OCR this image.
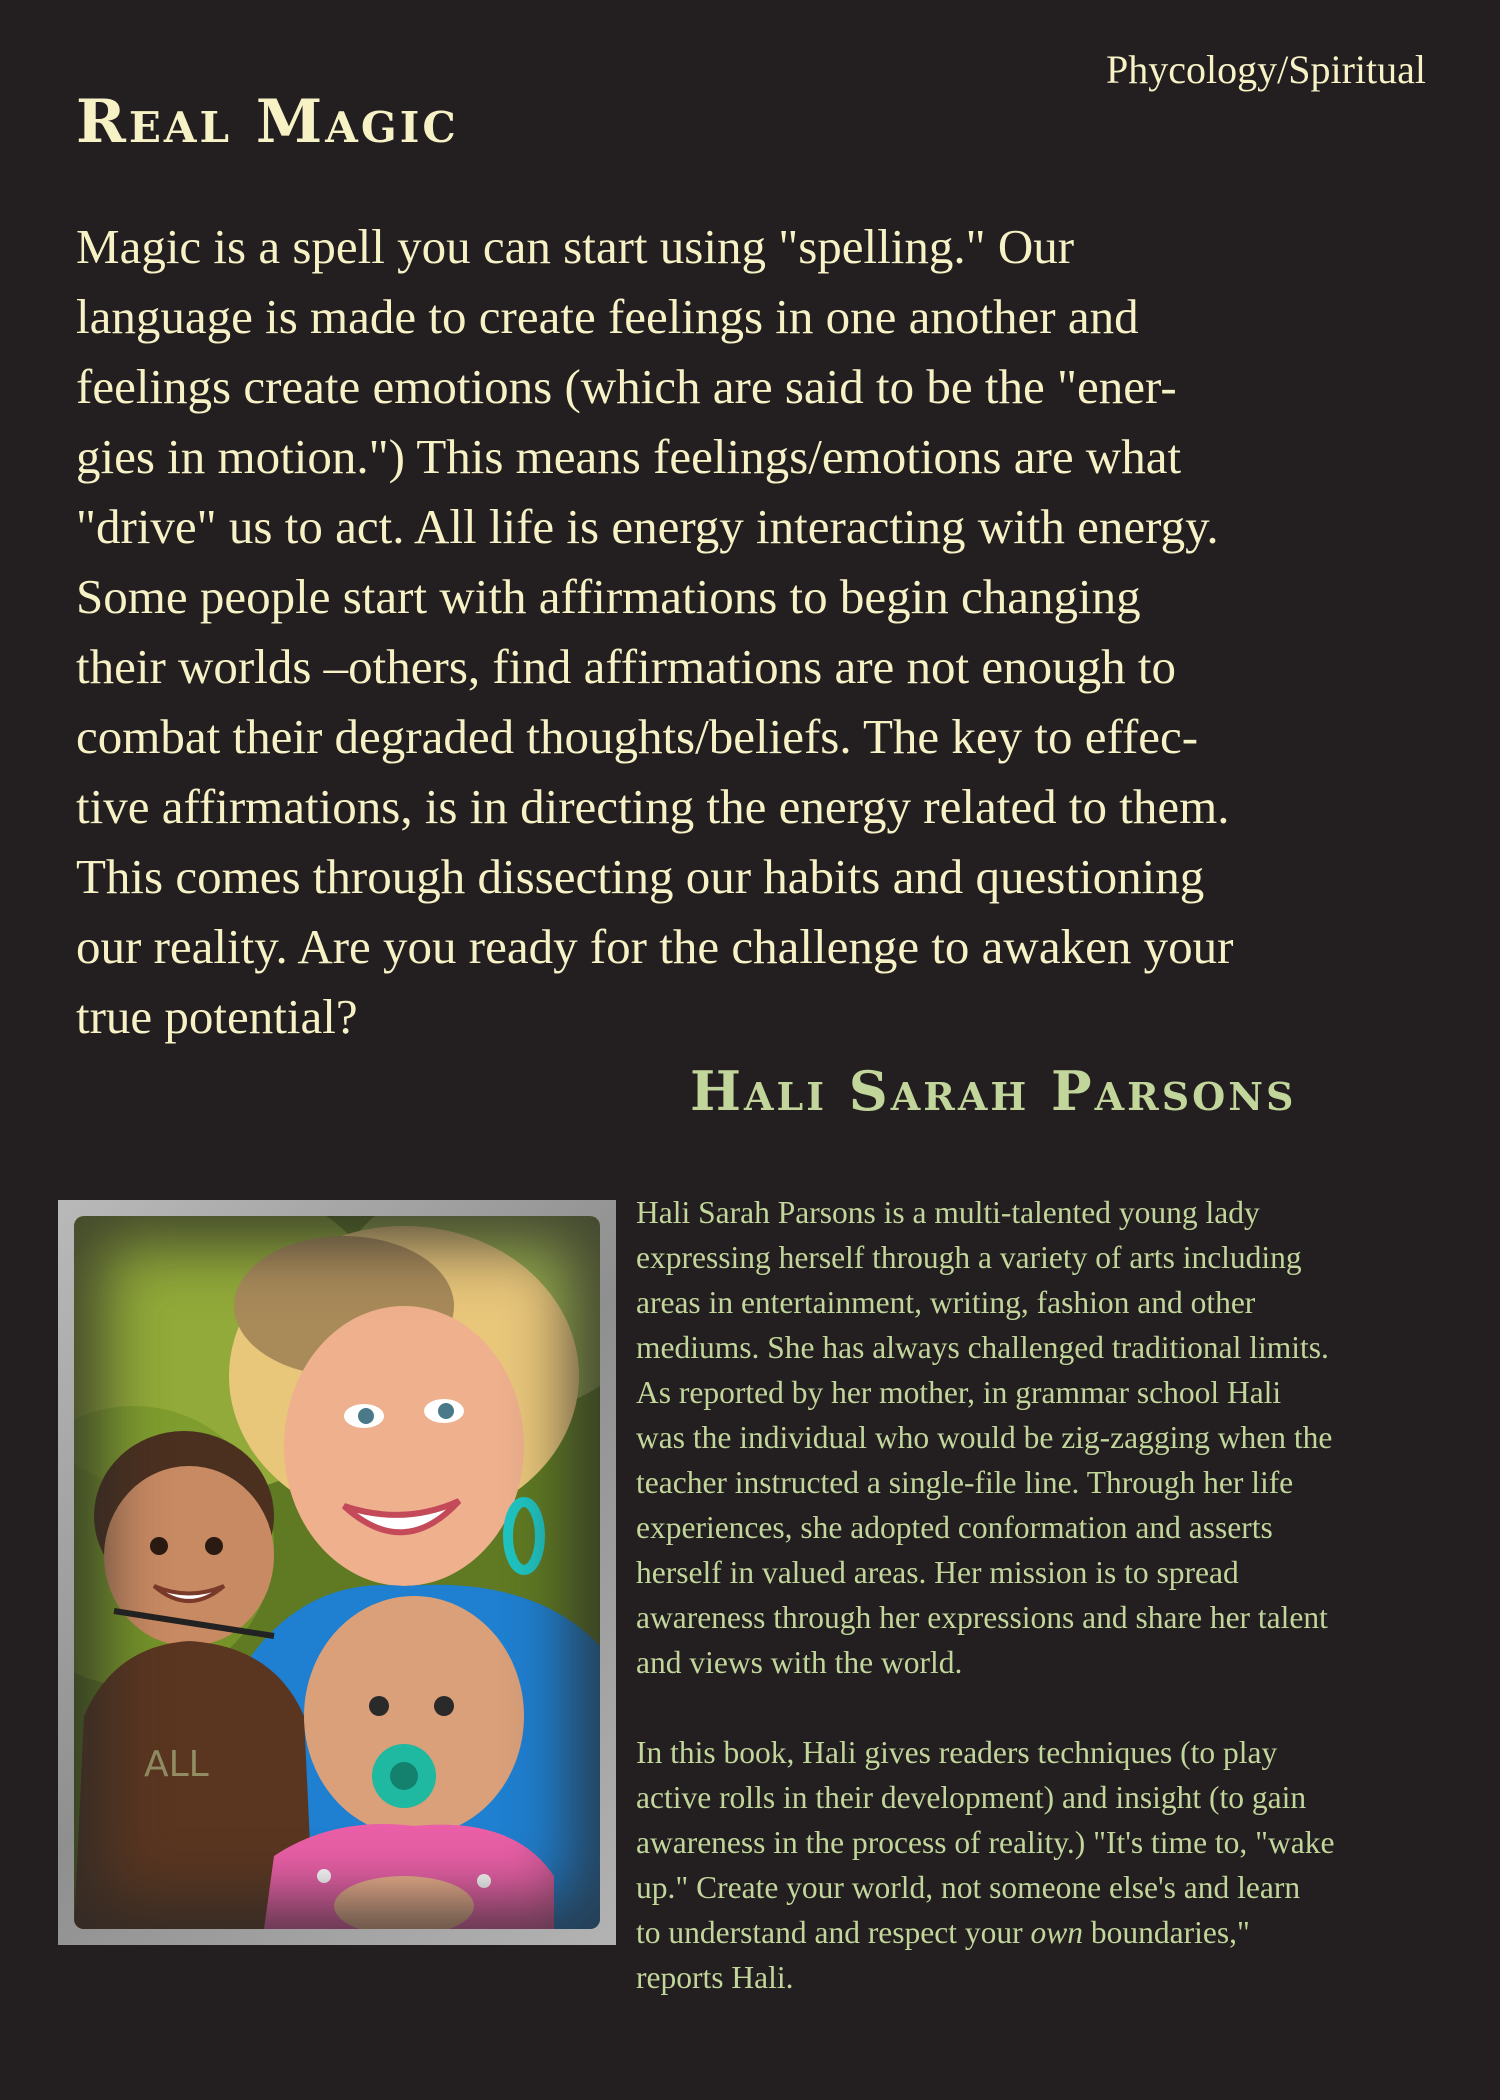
Phycology/Spiritual
Real Magic

Magic is a spell you can start using "spelling." Our
language is made to create feelings in one another and
feelings create emotions (which are said to be the "ener-
gies in motion.") This means feelings/emotions are what
"drive" us to act. All life is energy interacting with energy.
Some people start with affirmations to begin changing
their worlds –others, find affirmations are not enough to
combat their degraded thoughts/beliefs. The key to effec-
tive affirmations, is in directing the energy related to them.
This comes through dissecting our habits and questioning
our reality. Are you ready for the challenge to awaken your
true potential?

Hali Sarah Parsons
ALL
Hali Sarah Parsons is a multi-talented young lady
expressing herself through a variety of arts including
areas in entertainment, writing, fashion and other
mediums. She has always challenged traditional limits.
As reported by her mother, in grammar school Hali
was the individual who would be zig-zagging when the
teacher instructed a single-file line. Through her life
experiences, she adopted conformation and asserts
herself in valued areas. Her mission is to spread
awareness through her expressions and share her talent
and views with the world.
In this book, Hali gives readers techniques (to play
active rolls in their development) and insight (to gain
awareness in the process of reality.) "It's time to, "wake
up." Create your world, not someone else's and learn
to understand and respect your own boundaries,"
reports Hali.
